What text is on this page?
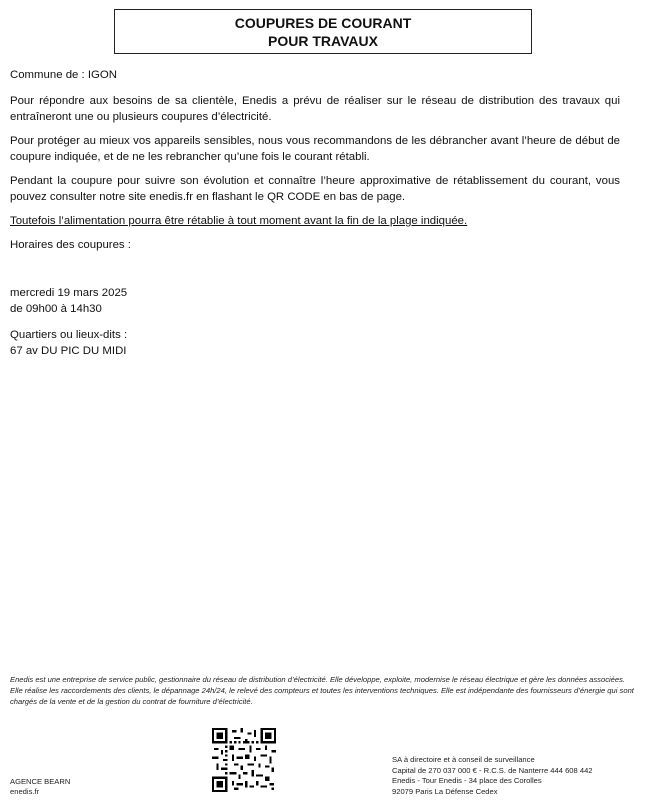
COUPURES DE COURANT
POUR TRAVAUX

Commune de : IGON

Pour répondre aux besoins de sa clientèle, Enedis a prévu de réaliser sur le réseau de distribution des travaux qui entraîneront une ou plusieurs coupures d’électricité.

Pour protéger au mieux vos appareils sensibles, nous vous recommandons de les débrancher avant l’heure de début de coupure indiquée, et de ne les rebrancher qu’une fois le courant rétabli.

Pendant la coupure pour suivre son évolution et connaître l’heure approximative de rétablissement du courant, vous pouvez consulter notre site enedis.fr en flashant le QR CODE en bas de page.

Toutefois l’alimentation pourra être rétablie à tout moment avant la fin de la plage indiquée.

Horaires des coupures :

mercredi 19 mars 2025

de 09h00 à 14h30

Quartiers ou lieux-dits :

67 av DU PIC DU MIDI

Enedis est une entreprise de service public, gestionnaire du réseau de distribution d’électricité. Elle développe, exploite, modernise le réseau électrique et gère les données associées. Elle réalise les raccordements des clients, le dépannage 24h/24, le relevé des compteurs et toutes les interventions techniques. Elle est indépendante des fournisseurs d’énergie qui sont chargés de la vente et de la gestion du contrat de fourniture d’électricité.
AGENCE BEARN
enedis.fr
SA à directoire et à conseil de surveillance
Capital de 270 037 000 € - R.C.S. de Nanterre 444 608 442
Enedis - Tour Enedis - 34 place des Corolles
92079 Paris La Défense Cedex
